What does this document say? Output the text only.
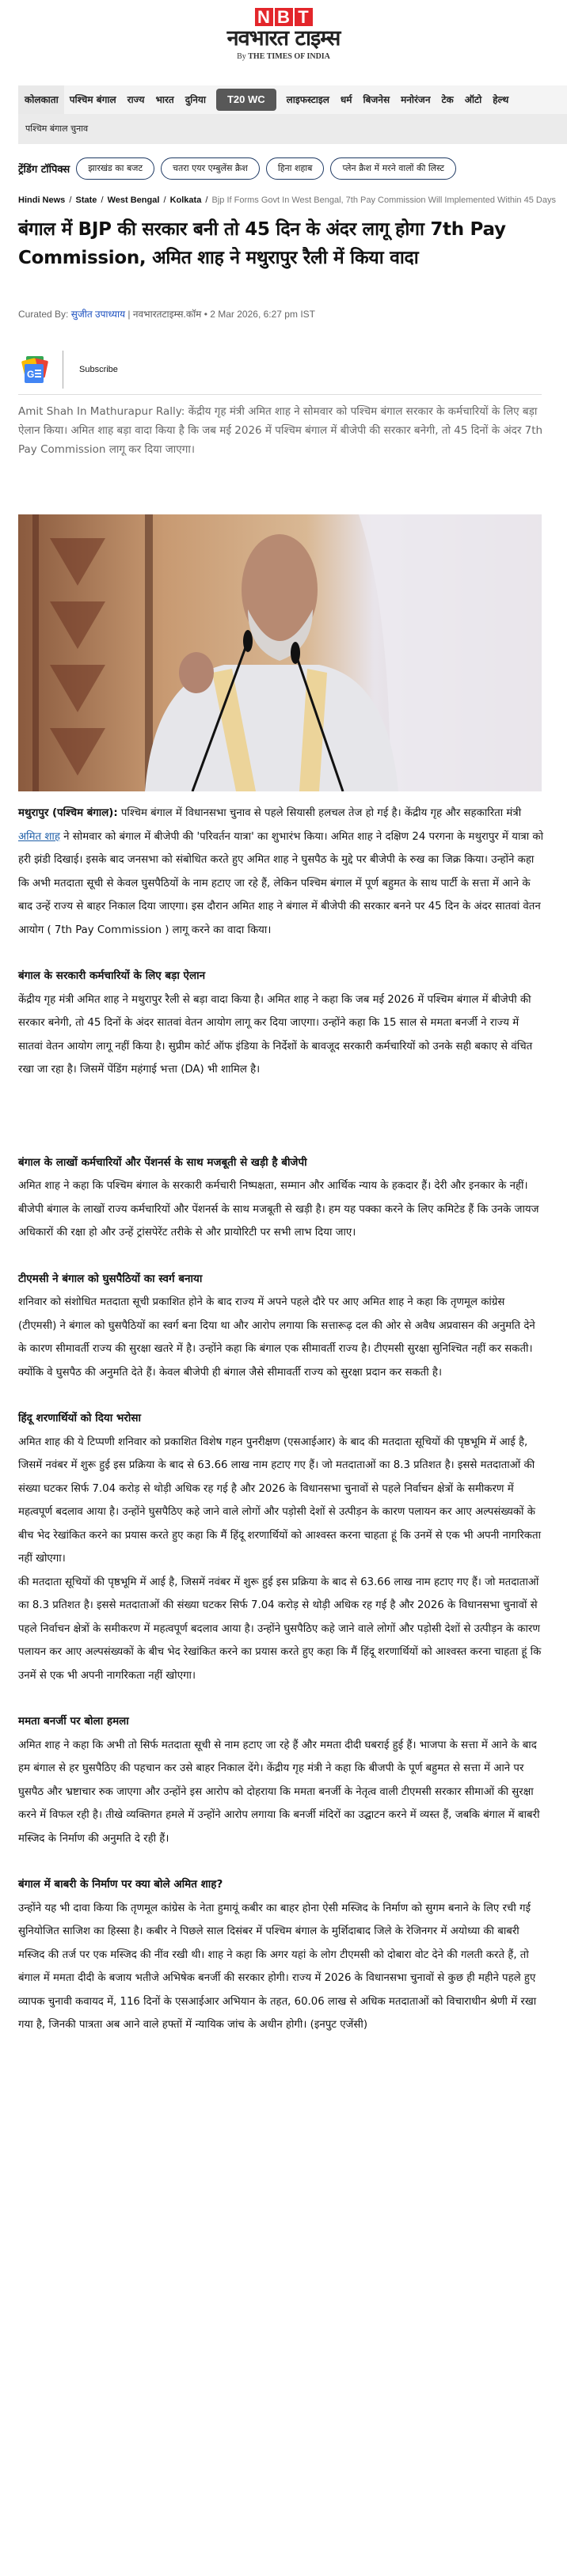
N B T
नवभारत टाइम्स
By THE TIMES OF INDIA
कोलकाता	पश्चिम बंगाल	राज्य	भारत	दुनिया	T20 WC	लाइफस्टाइल	धर्म	बिजनेस	मनोरंजन	टेक	ऑटो	हेल्थ
पश्चिम बंगाल चुनाव
ट्रेंडिंग टॉपिक्स	झारखंड का बजट	चतरा एयर एम्बुलेंस क्रैश	हिना शहाब	प्लेन क्रैश में मरने वालों की लिस्ट
Hindi News / State / West Bengal / Kolkata / Bjp If Forms Govt In West Bengal, 7th Pay Commission Will Implemented Within 45 Days
बंगाल में BJP की सरकार बनी तो 45 दिन के अंदर लागू होगा 7th Pay Commission, अमित शाह ने मथुरापुर रैली में किया वादा
Curated By: सुजीत उपाध्याय | नवभारतटाइम्स.कॉम • 2 Mar 2026, 6:27 pm IST
G	Subscribe

Amit Shah In Mathurapur Rally: केंद्रीय गृह मंत्री अमित शाह ने सोमवार को पश्चिम बंगाल सरकार के कर्मचारियों के लिए बड़ा ऐलान किया। अमित शाह बड़ा वादा किया है कि जब मई 2026 में पश्चिम बंगाल में बीजेपी की सरकार बनेगी, तो 45 दिनों के अंदर 7th Pay Commission लागू कर दिया जाएगा।

मथुरापुर (पश्चिम बंगाल): पश्चिम बंगाल में विधानसभा चुनाव से पहले सियासी हलचल तेज हो गई है। केंद्रीय गृह और सहकारिता मंत्री अमित शाह ने सोमवार को बंगाल में बीजेपी की 'परिवर्तन यात्रा' का शुभारंभ किया। अमित शाह ने दक्षिण 24 परगना के मथुरापुर में यात्रा को हरी झंडी दिखाई। इसके बाद जनसभा को संबोधित करते हुए अमित शाह ने घुसपैठ के मुद्दे पर बीजेपी के रुख का जिक्र किया। उन्होंने कहा कि अभी मतदाता सूची से केवल घुसपैठियों के नाम हटाए जा रहे हैं, लेकिन पश्चिम बंगाल में पूर्ण बहुमत के साथ पार्टी के सत्ता में आने के बाद उन्हें राज्य से बाहर निकाल दिया जाएगा। इस दौरान अमित शाह ने बंगाल में बीजेपी की सरकार बनने पर 45 दिन के अंदर सातवां वेतन आयोग ( 7th Pay Commission ) लागू करने का वादा किया।

बंगाल के सरकारी कर्मचारियों के लिए बड़ा ऐलान

केंद्रीय गृह मंत्री अमित शाह ने मथुरापुर रैली से बड़ा वादा किया है। अमित शाह ने कहा कि जब मई 2026 में पश्चिम बंगाल में बीजेपी की सरकार बनेगी, तो 45 दिनों के अंदर सातवां वेतन आयोग लागू कर दिया जाएगा। उन्होंने कहा कि 15 साल से ममता बनर्जी ने राज्य में सातवां वेतन आयोग लागू नहीं किया है। सुप्रीम कोर्ट ऑफ इंडिया के निर्देशों के बावजूद सरकारी कर्मचारियों को उनके सही बकाए से वंचित रखा जा रहा है। जिसमें पेंडिंग महंगाई भत्ता (DA) भी शामिल है।

बंगाल के लाखों कर्मचारियों और पेंशनर्स के साथ मजबूती से खड़ी है बीजेपी

अमित शाह ने कहा कि पश्चिम बंगाल के सरकारी कर्मचारी निष्पक्षता, सम्मान और आर्थिक न्याय के हकदार हैं। देरी और इनकार के नहीं। बीजेपी बंगाल के लाखों राज्य कर्मचारियों और पेंशनर्स के साथ मजबूती से खड़ी है। हम यह पक्का करने के लिए कमिटेड हैं कि उनके जायज अधिकारों की रक्षा हो और उन्हें ट्रांसपेरेंट तरीके से और प्रायोरिटी पर सभी लाभ दिया जाए।

टीएमसी ने बंगाल को घुसपैठियों का स्वर्ग बनाया

शनिवार को संशोधित मतदाता सूची प्रकाशित होने के बाद राज्य में अपने पहले दौरे पर आए अमित शाह ने कहा कि तृणमूल कांग्रेस (टीएमसी) ने बंगाल को घुसपैठियों का स्वर्ग बना दिया था और आरोप लगाया कि सत्तारूढ़ दल की ओर से अवैध अप्रवासन की अनुमति देने के कारण सीमावर्ती राज्य की सुरक्षा खतरे में है। उन्होंने कहा कि बंगाल एक सीमावर्ती राज्य है। टीएमसी सुरक्षा सुनिश्चित नहीं कर सकती। क्योंकि वे घुसपैठ की अनुमति देते हैं। केवल बीजेपी ही बंगाल जैसे सीमावर्ती राज्य को सुरक्षा प्रदान कर सकती है।

हिंदू शरणार्थियों को दिया भरोसा

अमित शाह की ये टिप्पणी शनिवार को प्रकाशित विशेष गहन पुनरीक्षण (एसआईआर) के बाद की मतदाता सूचियों की पृष्ठभूमि में आई है, जिसमें नवंबर में शुरू हुई इस प्रक्रिया के बाद से 63.66 लाख नाम हटाए गए हैं। जो मतदाताओं का 8.3 प्रतिशत है। इससे मतदाताओं की संख्या घटकर सिर्फ 7.04 करोड़ से थोड़ी अधिक रह गई है और 2026 के विधानसभा चुनावों से पहले निर्वाचन क्षेत्रों के समीकरण में महत्वपूर्ण बदलाव आया है। उन्होंने घुसपैठिए कहे जाने वाले लोगों और पड़ोसी देशों से उत्पीड़न के कारण पलायन कर आए अल्पसंख्यकों के बीच भेद रेखांकित करने का प्रयास करते हुए कहा कि मैं हिंदू शरणार्थियों को आश्वस्त करना चाहता हूं कि उनमें से एक भी अपनी नागरिकता नहीं खोएगा।

की मतदाता सूचियों की पृष्ठभूमि में आई है, जिसमें नवंबर में शुरू हुई इस प्रक्रिया के बाद से 63.66 लाख नाम हटाए गए हैं। जो मतदाताओं का 8.3 प्रतिशत है। इससे मतदाताओं की संख्या घटकर सिर्फ 7.04 करोड़ से थोड़ी अधिक रह गई है और 2026 के विधानसभा चुनावों से पहले निर्वाचन क्षेत्रों के समीकरण में महत्वपूर्ण बदलाव आया है। उन्होंने घुसपैठिए कहे जाने वाले लोगों और पड़ोसी देशों से उत्पीड़न के कारण पलायन कर आए अल्पसंख्यकों के बीच भेद रेखांकित करने का प्रयास करते हुए कहा कि मैं हिंदू शरणार्थियों को आश्वस्त करना चाहता हूं कि उनमें से एक भी अपनी नागरिकता नहीं खोएगा।

ममता बनर्जी पर बोला हमला

अमित शाह ने कहा कि अभी तो सिर्फ मतदाता सूची से नाम हटाए जा रहे हैं और ममता दीदी घबराई हुई हैं। भाजपा के सत्ता में आने के बाद हम बंगाल से हर घुसपैठिए की पहचान कर उसे बाहर निकाल देंगे। केंद्रीय गृह मंत्री ने कहा कि बीजपी के पूर्ण बहुमत से सत्ता में आने पर घुसपैठ और भ्रष्टाचार रुक जाएगा और उन्होंने इस आरोप को दोहराया कि ममता बनर्जी के नेतृत्व वाली टीएमसी सरकार सीमाओं की सुरक्षा करने में विफल रही है। तीखे व्यक्तिगत हमले में उन्होंने आरोप लगाया कि बनर्जी मंदिरों का उद्घाटन करने में व्यस्त हैं, जबकि बंगाल में बाबरी मस्जिद के निर्माण की अनुमति दे रही हैं।

बंगाल में बाबरी के निर्माण पर क्या बोले अमित शाह?

उन्होंने यह भी दावा किया कि तृणमूल कांग्रेस के नेता हुमायूं कबीर का बाहर होना ऐसी मस्जिद के निर्माण को सुगम बनाने के लिए रची गई सुनियोजित साजिश का हिस्सा है। कबीर ने पिछले साल दिसंबर में पश्चिम बंगाल के मुर्शिदाबाद जिले के रेजिनगर में अयोध्या की बाबरी मस्जिद की तर्ज पर एक मस्जिद की नींव रखी थी। शाह ने कहा कि अगर यहां के लोग टीएमसी को दोबारा वोट देने की गलती करते हैं, तो बंगाल में ममता दीदी के बजाय भतीजे अभिषेक बनर्जी की सरकार होगी। राज्य में 2026 के विधानसभा चुनावों से कुछ ही महीने पहले हुए व्यापक चुनावी कवायद में, 116 दिनों के एसआईआर अभियान के तहत, 60.06 लाख से अधिक मतदाताओं को विचाराधीन श्रेणी में रखा गया है, जिनकी पात्रता अब आने वाले हफ्तों में न्यायिक जांच के अधीन होगी। (इनपुट एजेंसी)
